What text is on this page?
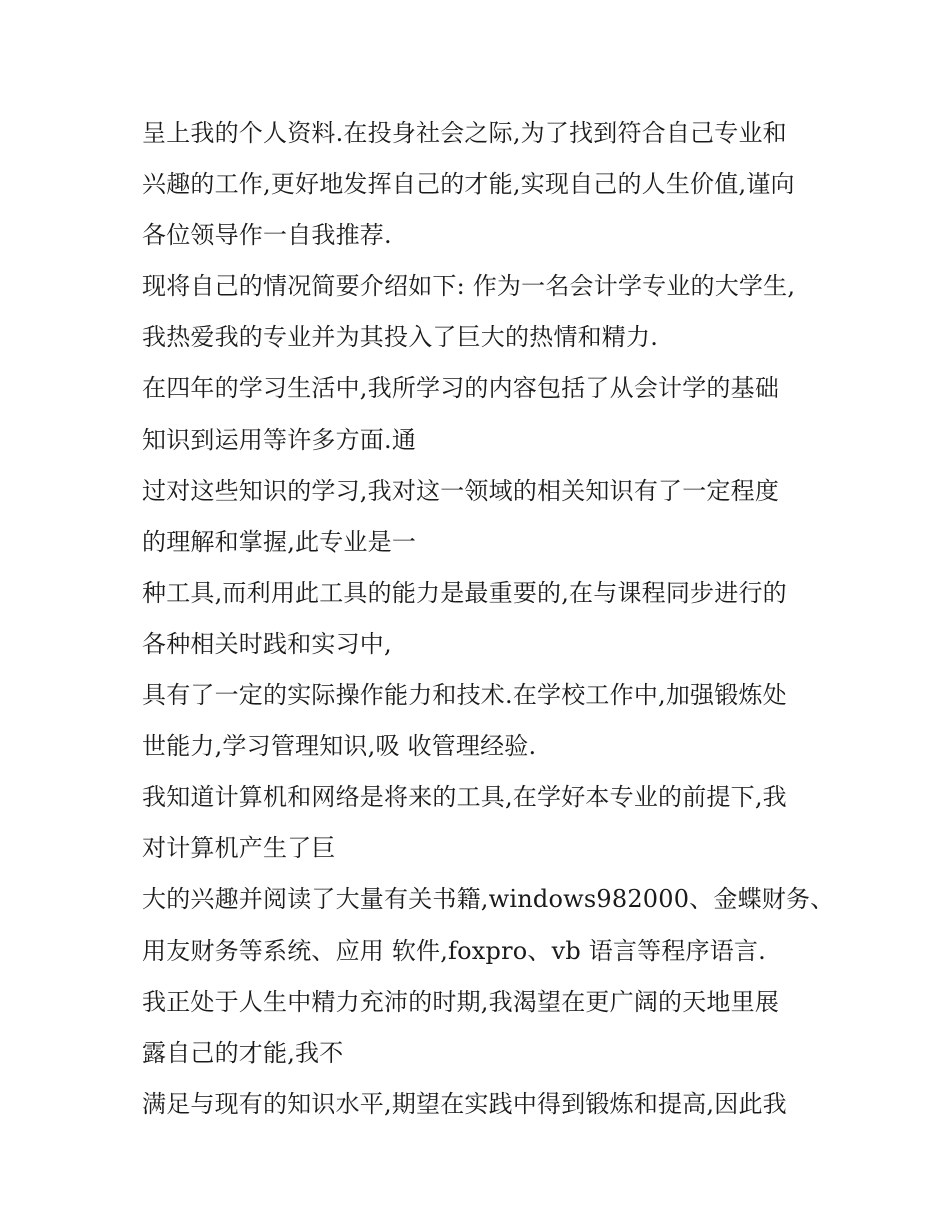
呈上我的个人资料.在投身社会之际,为了找到符合自己专业和
兴趣的工作,更好地发挥自己的才能,实现自己的人生价值,谨向
各位领导作一自我推荐.
现将自己的情况简要介绍如下: 作为一名会计学专业的大学生,
我热爱我的专业并为其投入了巨大的热情和精力.
在四年的学习生活中,我所学习的内容包括了从会计学的基础
知识到运用等许多方面.通
过对这些知识的学习,我对这一领域的相关知识有了一定程度
的理解和掌握,此专业是一
种工具,而利用此工具的能力是最重要的,在与课程同步进行的
各种相关时践和实习中,
具有了一定的实际操作能力和技术.在学校工作中,加强锻炼处
世能力,学习管理知识,吸 收管理经验.
我知道计算机和网络是将来的工具,在学好本专业的前提下,我
对计算机产生了巨
大的兴趣并阅读了大量有关书籍,windows982000、金蝶财务、
用友财务等系统、应用 软件,foxpro、vb 语言等程序语言.
我正处于人生中精力充沛的时期,我渴望在更广阔的天地里展
露自己的才能,我不
满足与现有的知识水平,期望在实践中得到锻炼和提高,因此我
